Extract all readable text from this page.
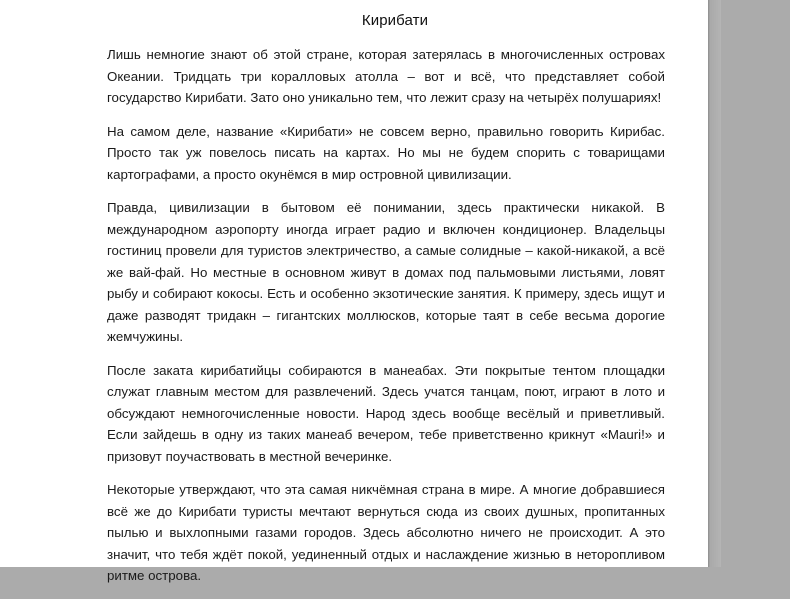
Кирибати

Лишь немногие знают об этой стране, которая затерялась в многочисленных островах
Океании. Тридцать три коралловых атолла – вот и всё, что представляет собой
государство Кирибати. Зато оно уникально тем, что лежит сразу на четырёх полушариях!

На самом деле, название «Кирибати» не совсем верно, правильно говорить Кирибас.
Просто так уж повелось писать на картах. Но мы не будем спорить с товарищами
картографами, а просто окунёмся в мир островной цивилизации.

Правда, цивилизации в бытовом её понимании, здесь практически никакой. В
международном аэропорту иногда играет радио и включен кондиционер. Владельцы
гостиниц провели для туристов электричество, а самые солидные – какой-никакой, а всё
же вай-фай. Но местные в основном живут в домах под пальмовыми листьями, ловят
рыбу и собирают кокосы. Есть и особенно экзотические занятия. К примеру, здесь ищут и
даже разводят тридакн – гигантских моллюсков, которые таят в себе весьма дорогие
жемчужины.

После заката кирибатийцы собираются в манеабах. Эти покрытые тентом площадки
служат главным местом для развлечений. Здесь учатся танцам, поют, играют в лото и
обсуждают немногочисленные новости. Народ здесь вообще весёлый и приветливый.
Если зайдешь в одну из таких манеаб вечером, тебе приветственно крикнут «Mauri!» и
призовут поучаствовать в местной вечеринке.

Некоторые утверждают, что эта самая никчёмная страна в мире. А многие добравшиеся
всё же до Кирибати туристы мечтают вернуться сюда из своих душных, пропитанных
пылью и выхлопными газами городов. Здесь абсолютно ничего не происходит. А это
значит, что тебя ждёт покой, уединенный отдых и наслаждение жизнью в неторопливом
ритме острова.
